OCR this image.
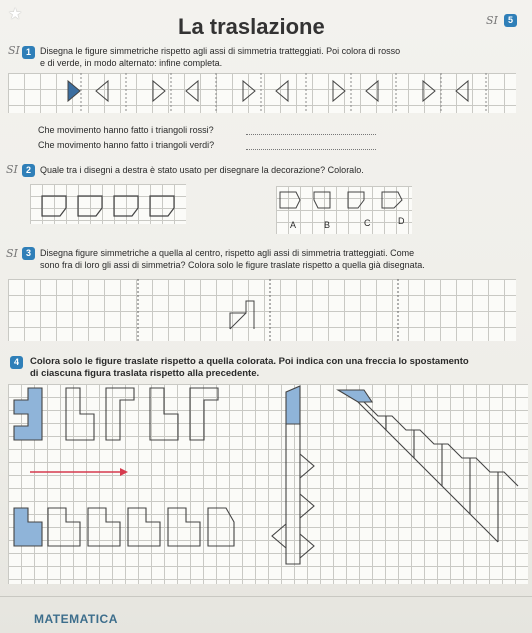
★	La traslazione	5
SI
SI 1	Disegna le figure simmetriche rispetto agli assi di simmetria tratteggiati. Poi colora di rosso
e di verde, in modo alternato: infine completa.
Che movimento hanno fatto i triangoli rossi?
Che movimento hanno fatto i triangoli verdi?
SI 2	Quale tra i disegni a destra è stato usato per disegnare la decorazione? Coloralo.
A	B	C	D
SI 3	Disegna figure simmetriche a quella al centro, rispetto agli assi di simmetria tratteggiati. Come
sono fra di loro gli assi di simmetria? Colora solo le figure traslate rispetto a quella già disegnata.
4	Colora solo le figure traslate rispetto a quella colorata. Poi indica con una freccia lo spostamento
di ciascuna figura traslata rispetto alla precedente.
MATEMATICA
